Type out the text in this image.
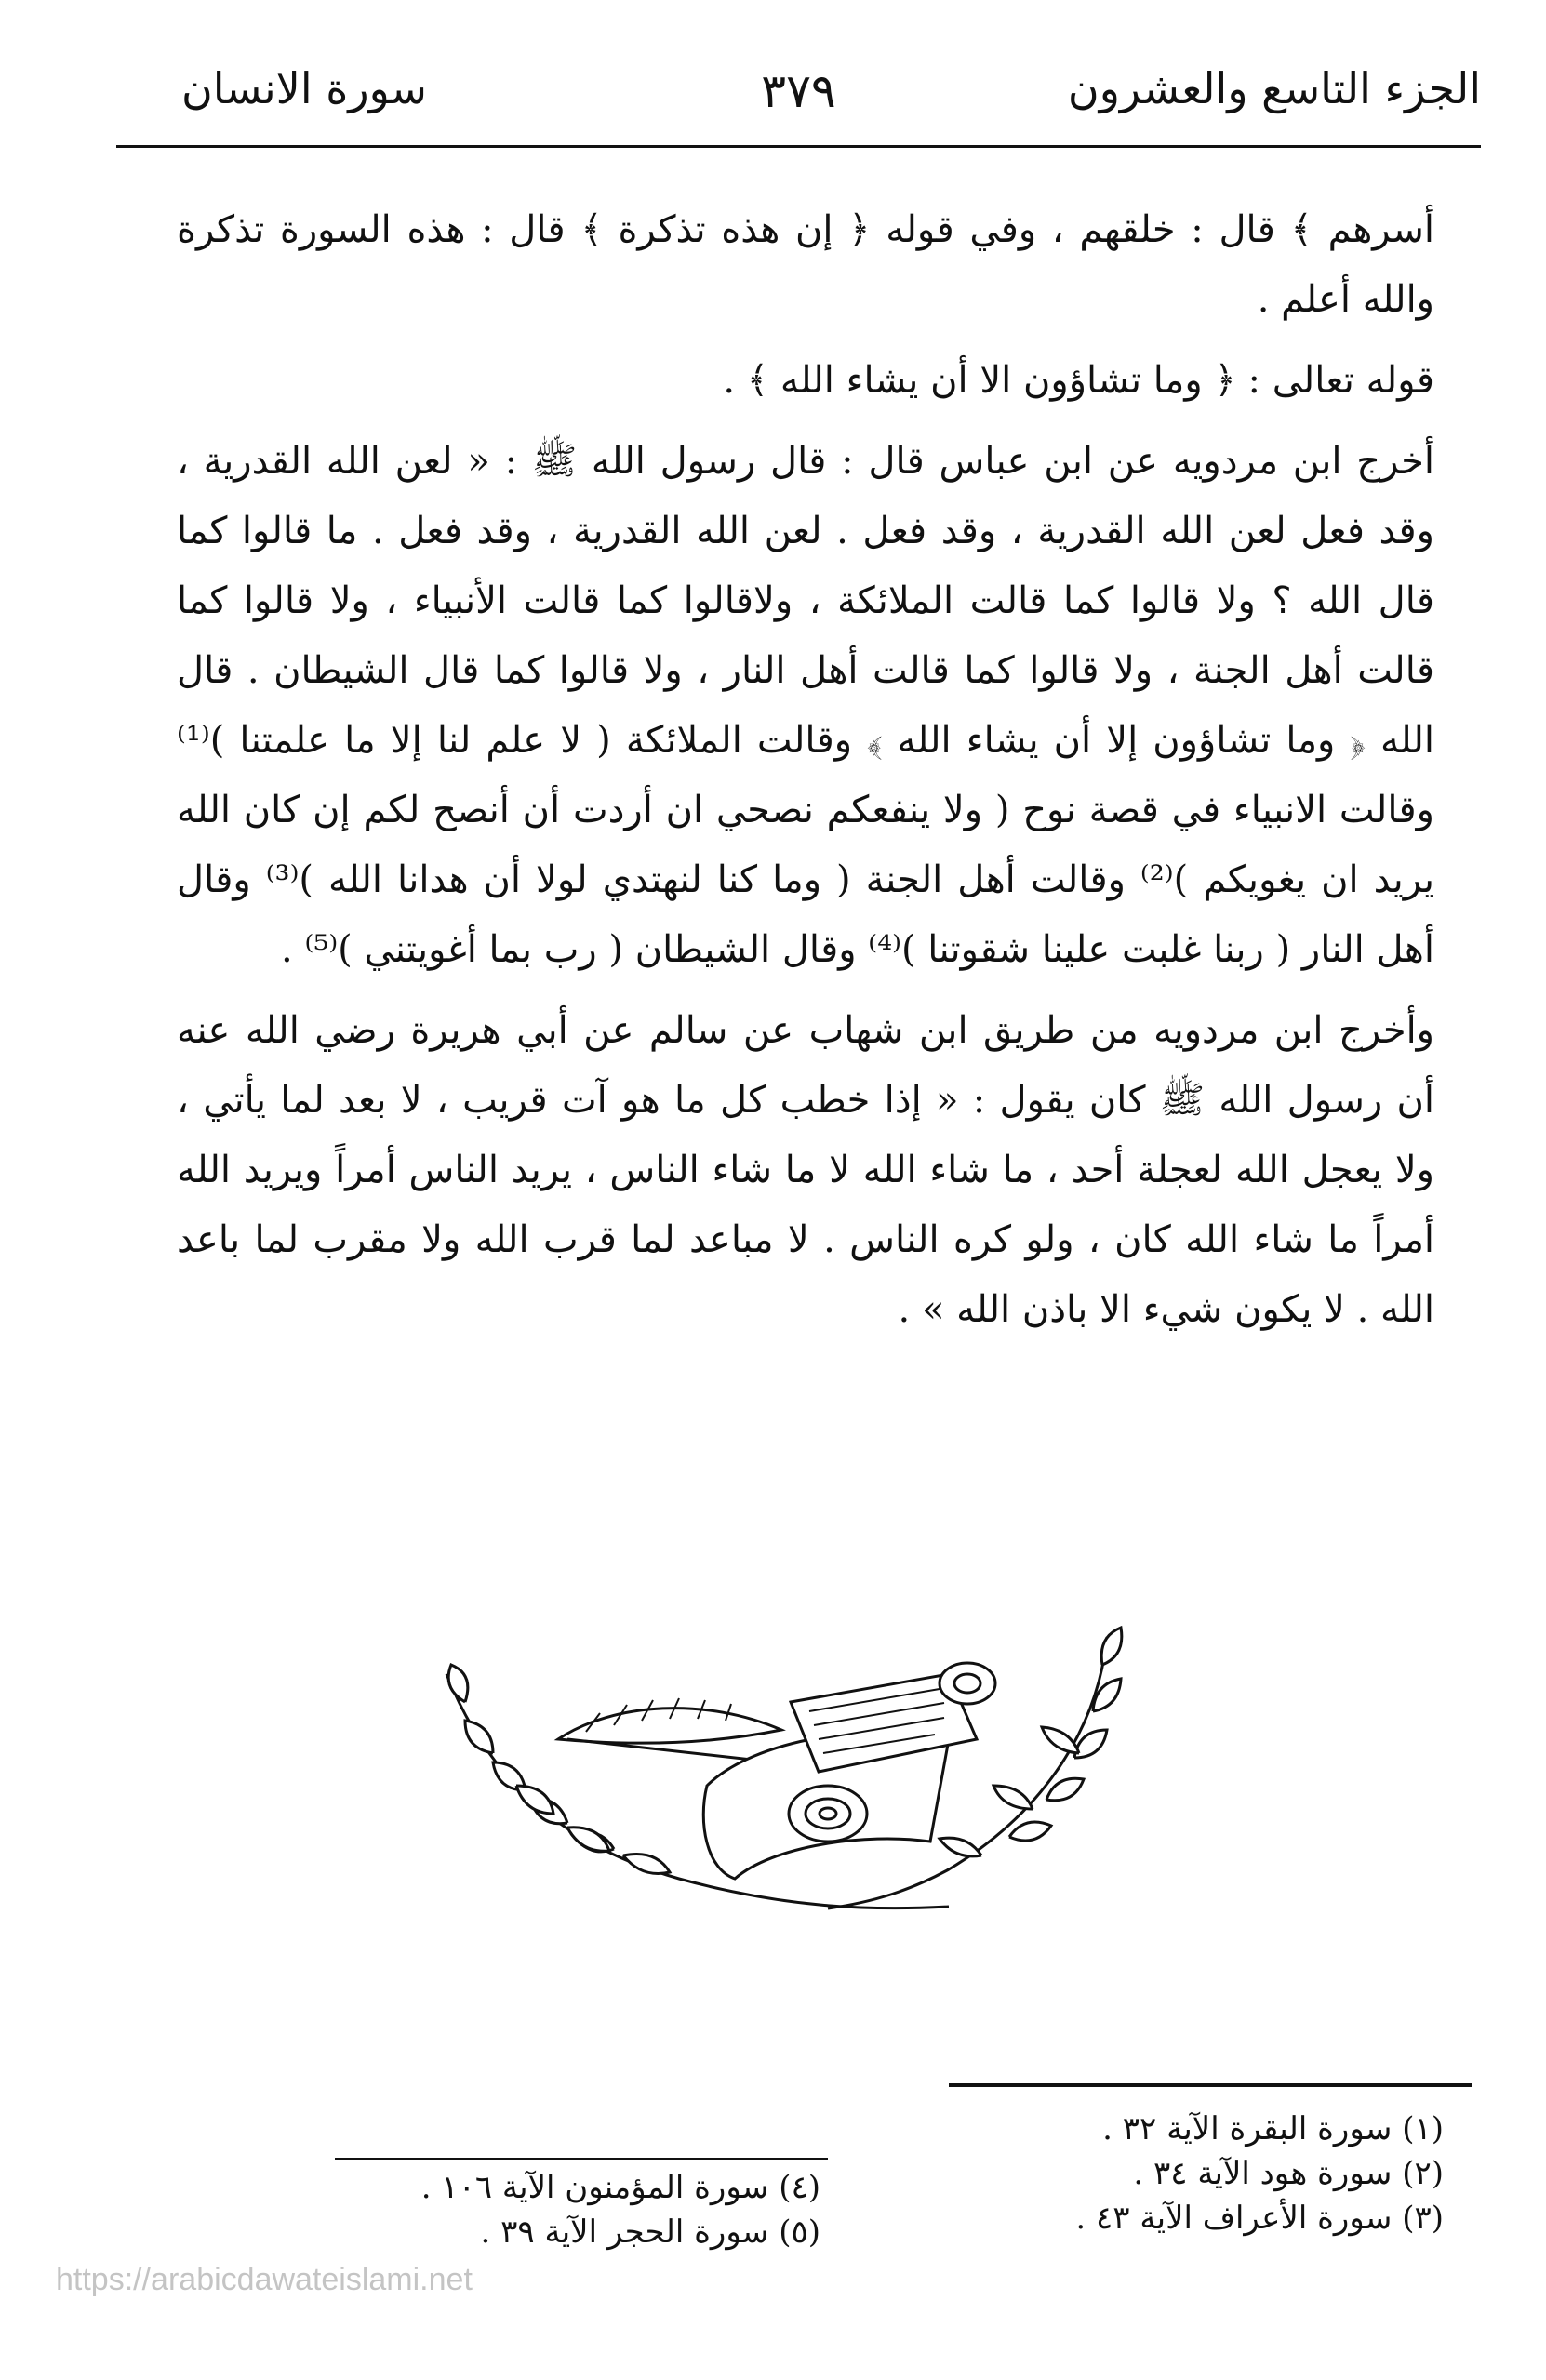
الجزء التاسع والعشرون
٣٧٩
سورة الانسان

أسرهم ﴾ قال : خلقهم ، وفي قوله ﴿ إن هذه تذكرة ﴾ قال : هذه السورة تذكرة والله أعلم .

قوله تعالى : ﴿ وما تشاؤون الا أن يشاء الله ﴾ .

أخرج ابن مردويه عن ابن عباس قال : قال رسول الله ﷺ : « لعن الله القدرية ، وقد فعل لعن الله القدرية ، وقد فعل . لعن الله القدرية ، وقد فعل . ما قالوا كما قال الله ؟ ولا قالوا كما قالت الملائكة ، ولاقالوا كما قالت الأنبياء ، ولا قالوا كما قالت أهل الجنة ، ولا قالوا كما قالت أهل النار ، ولا قالوا كما قال الشيطان . قال الله ﴿ وما تشاؤون إلا أن يشاء الله ﴾ وقالت الملائكة ( لا علم لنا إلا ما علمتنا )⁽¹⁾ وقالت الانبياء في قصة نوح ( ولا ينفعكم نصحي ان أردت أن أنصح لكم إن كان الله يريد ان يغويكم )⁽²⁾ وقالت أهل الجنة ( وما كنا لنهتدي لولا أن هدانا الله )⁽³⁾ وقال أهل النار ( ربنا غلبت علينا شقوتنا )⁽⁴⁾ وقال الشيطان ( رب بما أغويتني )⁽⁵⁾ .

وأخرج ابن مردويه من طريق ابن شهاب عن سالم عن أبي هريرة رضي الله عنه أن رسول الله ﷺ كان يقول : « إذا خطب كل ما هو آت قريب ، لا بعد لما يأتي ، ولا يعجل الله لعجلة أحد ، ما شاء الله لا ما شاء الناس ، يريد الناس أمراً ويريد الله أمراً ما شاء الله كان ، ولو كره الناس . لا مباعد لما قرب الله ولا مقرب لما باعد الله . لا يكون شيء الا باذن الله » .

(١) سورة البقرة الآية ٣٢ .
(٢) سورة هود الآية ٣٤ .
(٣) سورة الأعراف الآية ٤٣ .
(٤) سورة المؤمنون الآية ١٠٦ .
(٥) سورة الحجر الآية ٣٩ .
https://arabicdawateislami.net
